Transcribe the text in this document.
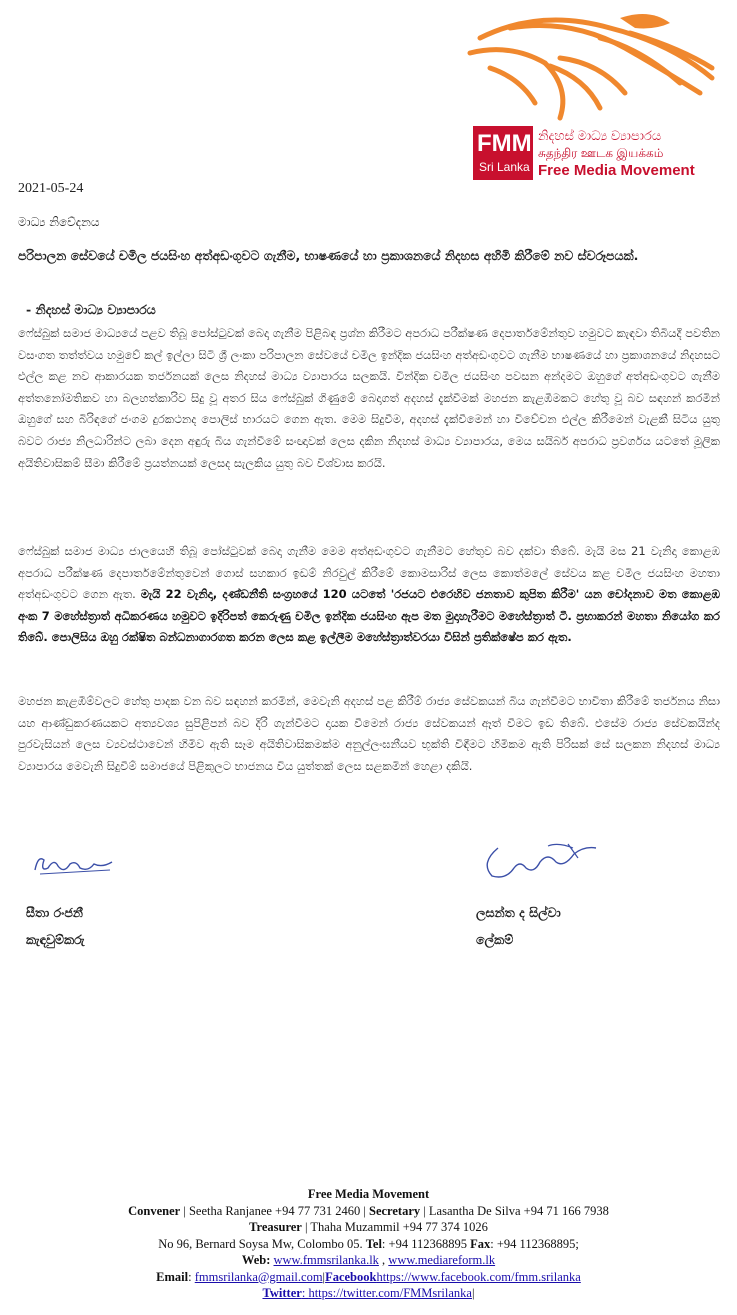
FMM
Sri Lanka
නිදහස් මාධ්‍ය ව්‍යාපාරය
சுதந்திர ஊடக இயக்கம்
Free Media Movement
2021-05-24
මාධ්‍ය නිවේදනය
පරිපාලන සේවයේ චමිල ජයසිංහ අත්අඩංගුවට ගැනීම, භාෂණයේ හා ප්‍රකාශනයේ නිදහස අහිමි කිරීමේ නව ස්වරූපයක්.
- නිදහස් මාධ්‍ය ව්‍යාපාරය
ෆේස්බුක් සමාජ මාධ්‍යයේ පළව තිබූ පෝස්ටුවක් බෙදා ගැනීම පිළිබඳ ප්‍රශ්න කිරීමට අපරාධ පරීක්ෂණ දෙපාර්තමේන්තුව හමුවට කැඳවා තිබියදී පවතින වසංගත තත්ත්වය හමුවේ කල් ඉල්ලා සිටි ශ්‍රී ලංකා පරිපාලන සේවයේ චමිල ඉන්දික ජයසිංහ අත්අඩංගුවට ගැනීම භාෂණයේ හා ප්‍රකාශනයේ නිදහසට එල්ල කළ නව ආකාරයක තර්ජනයක් ලෙස නිදහස් මාධ්‍ය ව්‍යාපාරය සලකයි. වින්දික චමිල ජයසිංහ පවසන අන්දමට ඔහුගේ අත්අඩංගුවට ගැනීම අත්තනෝමතිකව හා බලහත්කාරිව සිදු වූ අතර සිය ෆේස්බුක් ගිණුමේ බෙදාගත් අදහස් දැක්වීමක් මහජන කැළඹීමකට හේතු වූ බව සඳහන් කරමින් ඔහුගේ සහ බිරිඳගේ ජංගම දුරකථනද පොලිස් භාරයට ගෙන ඇත. මෙම සිදුවීම, අදහස් දැක්වීමෙන් හා විවේචන එල්ල කිරීමෙන් වැළකී සිටිය යුතු බවට රාජ්‍ය නිලධාරින්ට ලබා දෙන අඳුරු බිය ගැන්වීමේ සංඥාවක් ලෙස දකින නිදහස් මාධ්‍ය ව්‍යාපාරය, මෙය සයිබර් අපරාධ ප්‍රවර්ගය යටතේ මූලික අයිතිවාසිකම් සීමා කිරීමේ ප්‍රයත්නයක් ලෙසද සැලකිය යුතු බව විශ්වාස කරයි.
ෆේස්බුක් සමාජ මාධ්‍ය ජාලයෙහි තිබූ පෝස්ටුවක් බෙදා ගැනීම මෙම අත්අඩංගුවට ගැනීමට හේතුව බව දක්වා තිබේ. මැයි මස 21 වැනිදා කොළඹ අපරාධ පරීක්ෂණ දෙපාර්තමේන්තුවෙන් ගොස් සහකාර ඉඩම් නිරවුල් කිරීමේ කොමසාරිස් ලෙස කොත්මලේ සේවය කළ චමිල ජයසිංහ මහතා අත්අඩංගුවට ගෙන ඇත. මැයි 22 වැනිදා, දණ්ඩනීති සංග්‍රහයේ 120 යටතේ 'රජයට එරෙහිව ජනතාව කුපිත කිරීම' යන චෝදනාව මත කොළඹ අංක 7 මහේස්ත්‍රාත් අධිකරණය හමුවට ඉදිරිපත් කෙරුණු චමිල ඉන්දික ජයසිංහ ඇප මත මුදාහැරීමට මහේස්ත්‍රාත් ටී. ප්‍රභාකරන් මහතා නියෝග කර තිබේ. පොලිසිය ඔහු රක්ෂිත බන්ධනාගාරගත කරන ලෙස කළ ඉල්ලීම මහේස්ත්‍රාත්වරයා විසින් ප්‍රතික්ෂේප කර ඇත.
මහජන කැළඹීම්වලට හේතු පාදක වන බව සඳහන් කරමින්, මෙවැනි අදහස් පළ කිරීම් රාජ්‍ය සේවකයන් බිය ගැන්වීමට භාවිතා කිරීමේ තර්ජනය නිසා යහ ආණ්ඩුකරණයකට අත්‍යවශ්‍ය සුපිළිපන් බව දිරි ගැන්වීමට දායක වීමෙන් රාජ්‍ය සේවකයන් ඈත් වීමට ඉඩ තිබේ. එසේම රාජ්‍ය සේවකයින්ද පුරවැසියන් ලෙස ව්‍යවස්ථාවෙන් හිමිව ඇති සෑම අයිතිවාසිකමක්ම අනුල්ලංඝනීයව භුක්ති විඳීමට හිමිකම ඇති පිරිසක් සේ සලකන නිදහස් මාධ්‍ය ව්‍යාපාරය මෙවැනි සිදුවීම් සමාජයේ පිළිකුලට භාජනය විය යුත්තක් ලෙස සළකමින් හෙළා දකියි.
සීතා රංජනී
කැඳවුම්කරු
ලසන්ත ද සිල්වා
ලේකම්
Free Media Movement
Convener | Seetha Ranjanee +94 77 731 2460 | Secretary | Lasantha De Silva +94 71 166 7938
Treasurer | Thaha Muzammil +94 77 374 1026
No 96, Bernard Soysa Mw, Colombo 05. Tel: +94 112368895 Fax: +94 112368895;
Web: www.fmmsrilanka.lk , www.mediareform.lk
Email: fmmsrilanka@gmail.com|Facebookhttps://www.facebook.com/fmm.srilanka
Twitter: https://twitter.com/FMMsrilanka|
